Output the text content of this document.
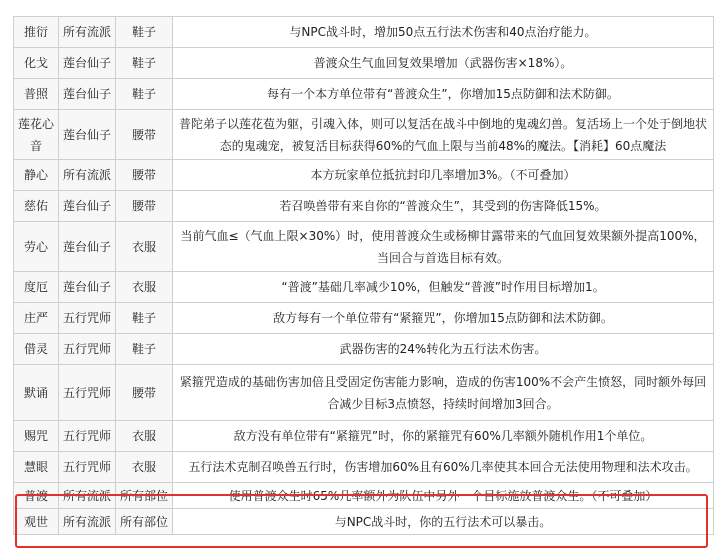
推衍	所有流派	鞋子	与NPC战斗时，增加50点五行法术伤害和40点治疗能力。
化戈	莲台仙子	鞋子	普渡众生气血回复效果增加（武器伤害×18%）。
普照	莲台仙子	鞋子	每有一个本方单位带有“普渡众生”，你增加15点防御和法术防御。
莲花心音	莲台仙子	腰带	普陀弟子以莲花苞为躯，引魂入体，则可以复活在战斗中倒地的鬼魂幻兽。复活场上一个处于倒地状态的鬼魂宠，被复活目标获得60%的气血上限与当前48%的魔法。【消耗】60点魔法
静心	所有流派	腰带	本方玩家单位抵抗封印几率增加3%。（不可叠加）
慈佑	莲台仙子	腰带	若召唤兽带有来自你的“普渡众生”，其受到的伤害降低15%。
劳心	莲台仙子	衣服	当前气血≤（气血上限×30%）时，使用普渡众生或杨柳甘露带来的气血回复效果额外提高100%，当回合与首选目标有效。
度厄	莲台仙子	衣服	“普渡”基础几率减少10%，但触发“普渡”时作用目标增加1。
庄严	五行咒师	鞋子	敌方每有一个单位带有“紧箍咒”，你增加15点防御和法术防御。
借灵	五行咒师	鞋子	武器伤害的24%转化为五行法术伤害。
默诵	五行咒师	腰带	紧箍咒造成的基础伤害加倍且受固定伤害能力影响，造成的伤害100%不会产生愤怒，同时额外每回合减少目标3点愤怒，持续时间增加3回合。
赐咒	五行咒师	衣服	敌方没有单位带有“紧箍咒”时，你的紧箍咒有60%几率额外随机作用1个单位。
慧眼	五行咒师	衣服	五行法术克制召唤兽五行时，伤害增加60%且有60%几率使其本回合无法使用物理和法术攻击。
普渡	所有流派	所有部位	使用普渡众生时65%几率额外为队伍中另外一个目标施放普渡众生。（不可叠加）
观世	所有流派	所有部位	与NPC战斗时，你的五行法术可以暴击。
